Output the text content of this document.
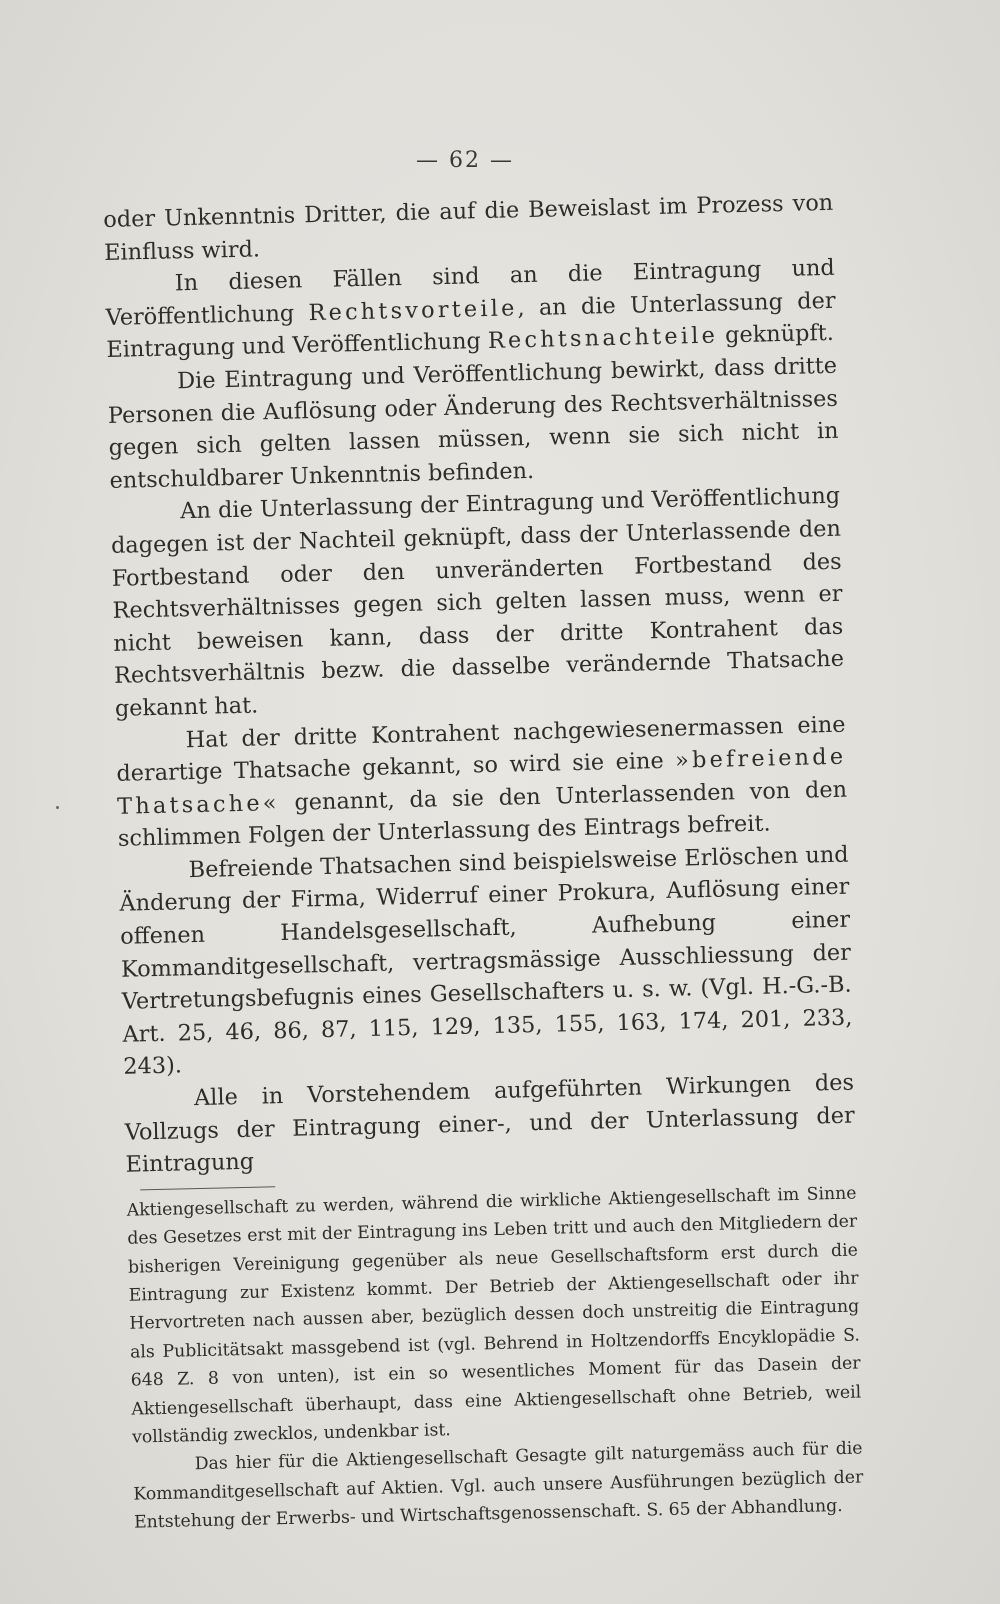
— 62 —

oder Unkenntnis Dritter, die auf die Beweislast im Prozess von Einfluss wird.

In diesen Fällen sind an die Eintragung und Veröffentlichung Rechtsvorteile, an die Unterlassung der Eintragung und Veröffentlichung Rechtsnachteile geknüpft.

Die Eintragung und Veröffentlichung bewirkt, dass dritte Personen die Auflösung oder Änderung des Rechtsverhältnisses gegen sich gelten lassen müssen, wenn sie sich nicht in entschuldbarer Unkenntnis befinden.

An die Unterlassung der Eintragung und Veröffentlichung dagegen ist der Nachteil geknüpft, dass der Unterlassende den Fortbestand oder den unveränderten Fortbestand des Rechtsverhältnisses gegen sich gelten lassen muss, wenn er nicht beweisen kann, dass der dritte Kontrahent das Rechtsverhältnis bezw. die dasselbe verändernde Thatsache gekannt hat.

Hat der dritte Kontrahent nachgewiesenermassen eine derartige Thatsache gekannt, so wird sie eine »befreiende Thatsache« genannt, da sie den Unterlassenden von den schlimmen Folgen der Unterlassung des Eintrags befreit.

Befreiende Thatsachen sind beispielsweise Erlöschen und Änderung der Firma, Widerruf einer Prokura, Auflösung einer offenen Handelsgesellschaft, Aufhebung einer Kommanditgesellschaft, vertragsmässige Ausschliessung der Vertretungsbefugnis eines Gesellschafters u. s. w. (Vgl. H.-G.-B. Art. 25, 46, 86, 87, 115, 129, 135, 155, 163, 174, 201, 233, 243).

Alle in Vorstehendem aufgeführten Wirkungen des Vollzugs der Eintragung einer-, und der Unterlassung der Eintragung

Aktiengesellschaft zu werden, während die wirkliche Aktiengesellschaft im Sinne des Gesetzes erst mit der Eintragung ins Leben tritt und auch den Mitgliedern der bisherigen Vereinigung gegenüber als neue Gesellschaftsform erst durch die Eintragung zur Existenz kommt. Der Betrieb der Aktiengesellschaft oder ihr Hervortreten nach aussen aber, bezüglich dessen doch unstreitig die Eintragung als Publicitätsakt massgebend ist (vgl. Behrend in Holtzendorffs Encyklopädie S. 648 Z. 8 von unten), ist ein so wesentliches Moment für das Dasein der Aktiengesellschaft überhaupt, dass eine Aktiengesellschaft ohne Betrieb, weil vollständig zwecklos, undenkbar ist.

Das hier für die Aktiengesellschaft Gesagte gilt naturgemäss auch für die Kommanditgesellschaft auf Aktien. Vgl. auch unsere Ausführungen bezüglich der Entstehung der Erwerbs- und Wirtschaftsgenossenschaft. S. 65 der Abhandlung.
